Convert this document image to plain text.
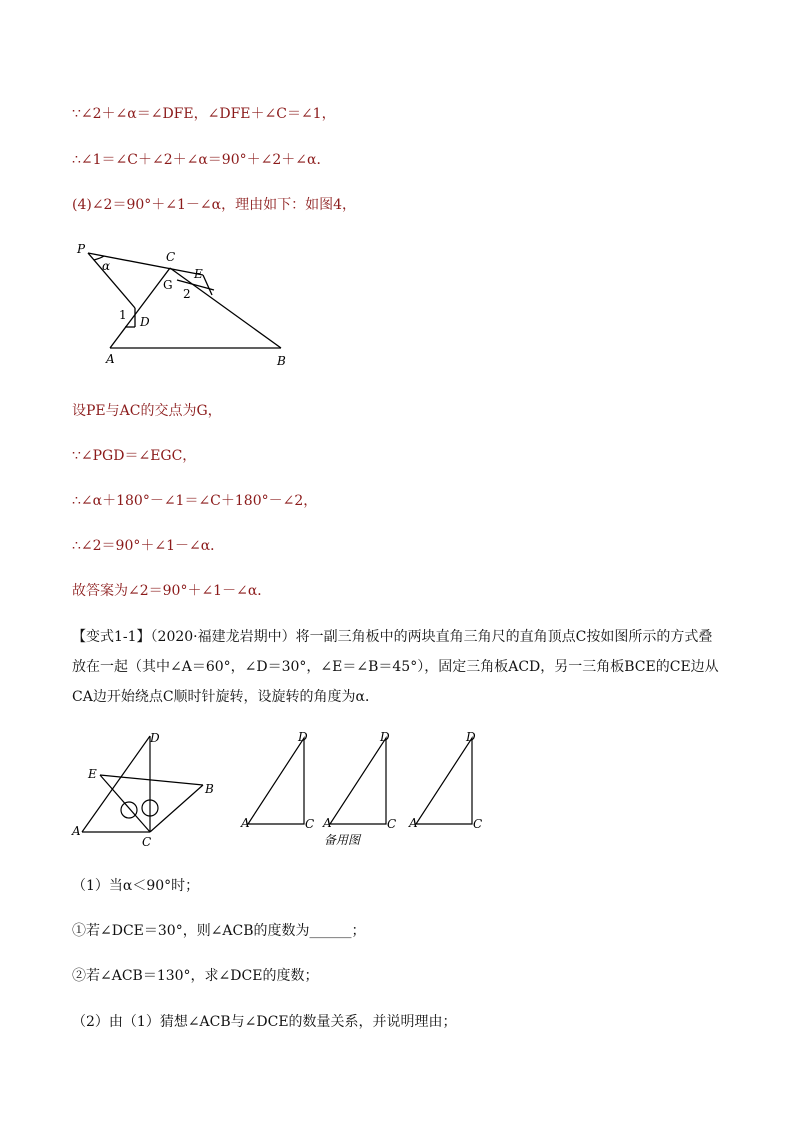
∵∠2＋∠α＝∠DFE，∠DFE＋∠C＝∠1，
∴∠1＝∠C＋∠2＋∠α＝90°＋∠2＋∠α．
(4)∠2＝90°＋∠1－∠α，理由如下：如图4，
P
α
C
E
G
2
1 D
A	B
设PE与AC的交点为G，
∵∠PGD＝∠EGC，
∴∠α＋180°－∠1＝∠C＋180°－∠2，
∴∠2＝90°＋∠1－∠α．
故答案为∠2＝90°＋∠1－∠α．
【变式1-1】（2020·福建龙岩期中）将一副三角板中的两块直角三角尺的直角顶点C按如图所示的方式叠放在一起（其中∠A＝60°，∠D＝30°，∠E＝∠B＝45°），固定三角板ACD，另一三角板BCE的CE边从CA边开始绕点C顺时针旋转，设旋转的角度为α．
D
E
B
A
C
D
A	C
D
A	C
D
A	C
备用图
（1）当α＜90°时；
①若∠DCE＝30°，则∠ACB的度数为______；
②若∠ACB＝130°，求∠DCE的度数；
（2）由（1）猜想∠ACB与∠DCE的数量关系，并说明理由；
